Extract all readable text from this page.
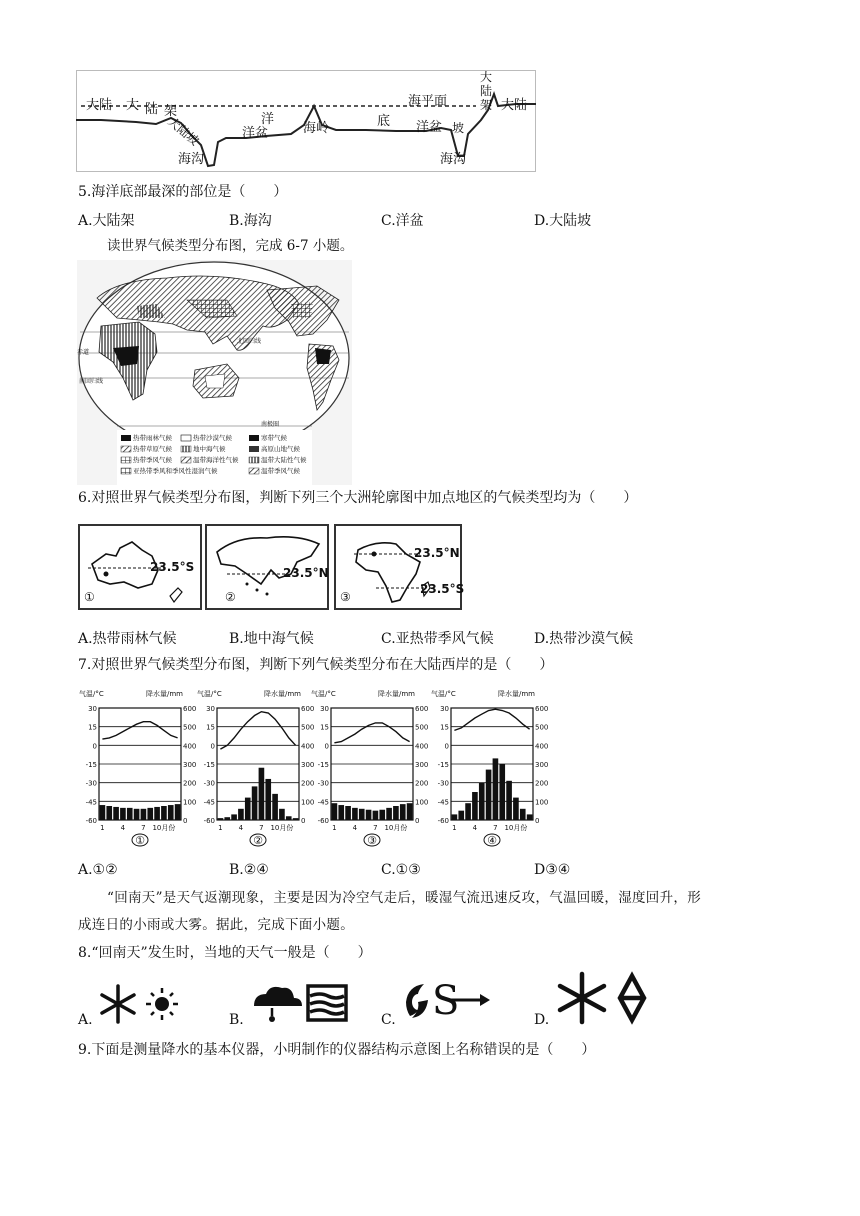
大陆 大 陆 架
大陆坡
海沟
洋盆
洋
海岭	底
海平面
洋盆 坡
海沟
大陆架 大陆
5.海洋底部最深的部位是（　　）
A.大陆架	B.海沟	C.洋盆	D.大陆坡
读世界气候类型分布图，完成 6-7 小题。
北回归线
赤道
南回归线
南极圈
热带雨林气候	热带沙漠气候	寒带气候
热带草原气候	地中海气候	高原山地气候
热带季风气候	温带海洋性气候	温带大陆性气候
亚热带季风和季风性湿润气候	温带季风气候
6.对照世界气候类型分布图，判断下列三个大洲轮廓图中加点地区的气候类型均为（　　）
①
23.5°S
②
23.5°N
③
23.5°N
23.5°S
A.热带雨林气候	B.地中海气候	C.亚热带季风气候	D.热带沙漠气候
7.对照世界气候类型分布图，判断下列气候类型分布在大陆西岸的是（　　）
气温/°C	降水量/mm
30
15
0
-15
-30
-45
-60
600
500
400
300
200
100
0
1 4 7 10月份
①
气温/°C	降水量/mm
30
15
0
-15
-30
-45
-60
600
500
400
300
200
100
0
1 4 7 10月份
②
气温/°C	降水量/mm
30
15
0
-15
-30
-45
-60
600
500
400
300
200
100
0
1 4 7 10月份
③
气温/°C	降水量/mm
30
15
0
-15
-30
-45
-60
600
500
400
300
200
100
0
1 4 7 10月份
④
A.①②	B.②④	C.①③	D③④
“回南天”是天气返潮现象，主要是因为冷空气走后，暖湿气流迅速反攻，气温回暖，湿度回升，形
成连日的小雨或大雾。据此，完成下面小题。
8.“回南天”发生时，当地的天气一般是（　　）
A.	B.	C. S	D.
9.下面是测量降水的基本仪器，小明制作的仪器结构示意图上名称错误的是（　　）
